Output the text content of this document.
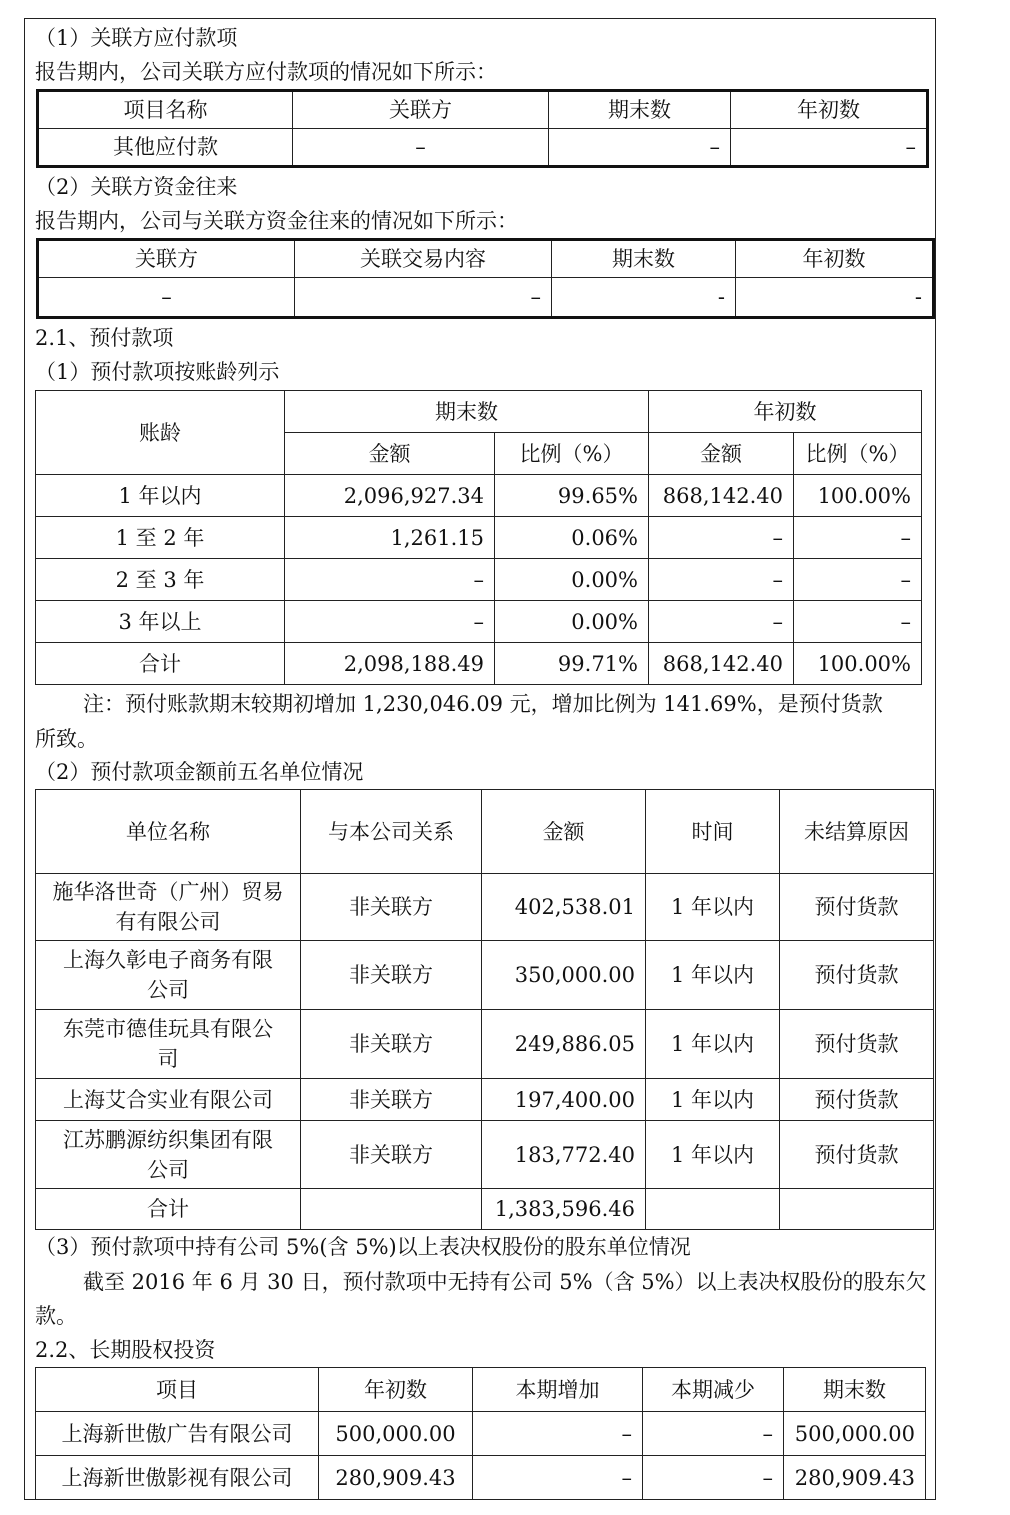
（1）关联方应付款项
报告期内，公司关联方应付款项的情况如下所示：
项目名称	关联方	期末数	年初数
其他应付款	–	–	–
（2）关联方资金往来
报告期内，公司与关联方资金往来的情况如下所示：
关联方	关联交易内容	期末数	年初数
–	–	-	-
2.1、预付款项
（1）预付款项按账龄列示
账龄	期末数		年初数	
	金额	比例（%）	金额	比例（%）
1 年以内	2,096,927.34	99.65%	868,142.40	100.00%
1 至 2 年	1,261.15	0.06%	–	–
2 至 3 年	–	0.00%	–	–
3 年以上	–	0.00%	–	–
合计	2,098,188.49	99.71%	868,142.40	100.00%
注：预付账款期末较期初增加 1,230,046.09 元，增加比例为 141.69%，是预付货款
所致。
（2）预付款项金额前五名单位情况
单位名称	与本公司关系	金额	时间	未结算原因

施华洛世奇（广州）贸易
有有限公司	非关联方	402,538.01	1 年以内	预付货款

上海久彰电子商务有限
公司	非关联方	350,000.00	1 年以内	预付货款

东莞市德佳玩具有限公
司	非关联方	249,886.05	1 年以内	预付货款
上海艾合实业有限公司	非关联方	197,400.00	1 年以内	预付货款

江苏鹏源纺织集团有限
公司	非关联方	183,772.40	1 年以内	预付货款
合计		1,383,596.46		
（3）预付款项中持有公司 5%(含 5%)以上表决权股份的股东单位情况
截至 2016 年 6 月 30 日，预付款项中无持有公司 5%（含 5%）以上表决权股份的股东欠
款。
2.2、长期股权投资
项目	年初数	本期增加	本期减少	期末数
上海新世傲广告有限公司	500,000.00	–	–	500,000.00
上海新世傲影视有限公司	280,909.43	–	–	280,909.43
